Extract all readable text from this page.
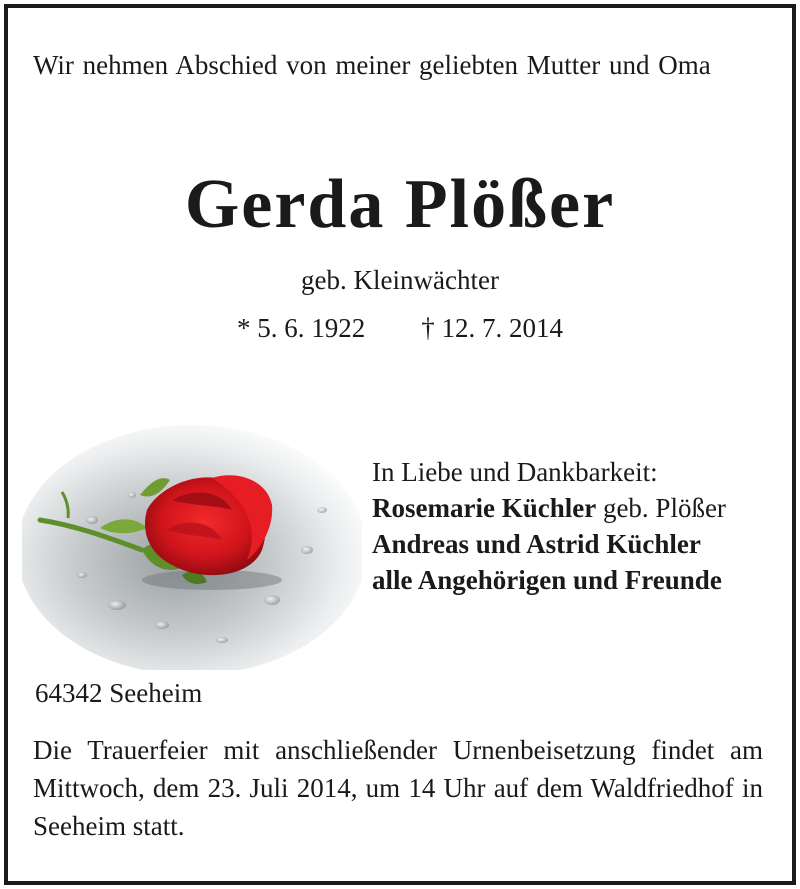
Wir nehmen Abschied von meiner geliebten Mutter und Oma
Gerda Plößer
geb. Kleinwächter
* 5. 6. 1922 † 12. 7. 2014
In Liebe und Dankbarkeit:
Rosemarie Küchler geb. Plößer
Andreas und Astrid Küchler
alle Angehörigen und Freunde
64342 Seeheim
Die Trauerfeier mit anschließender Urnenbeisetzung findet am Mittwoch, dem 23. Juli 2014, um 14 Uhr auf dem Waldfriedhof in Seeheim statt.
